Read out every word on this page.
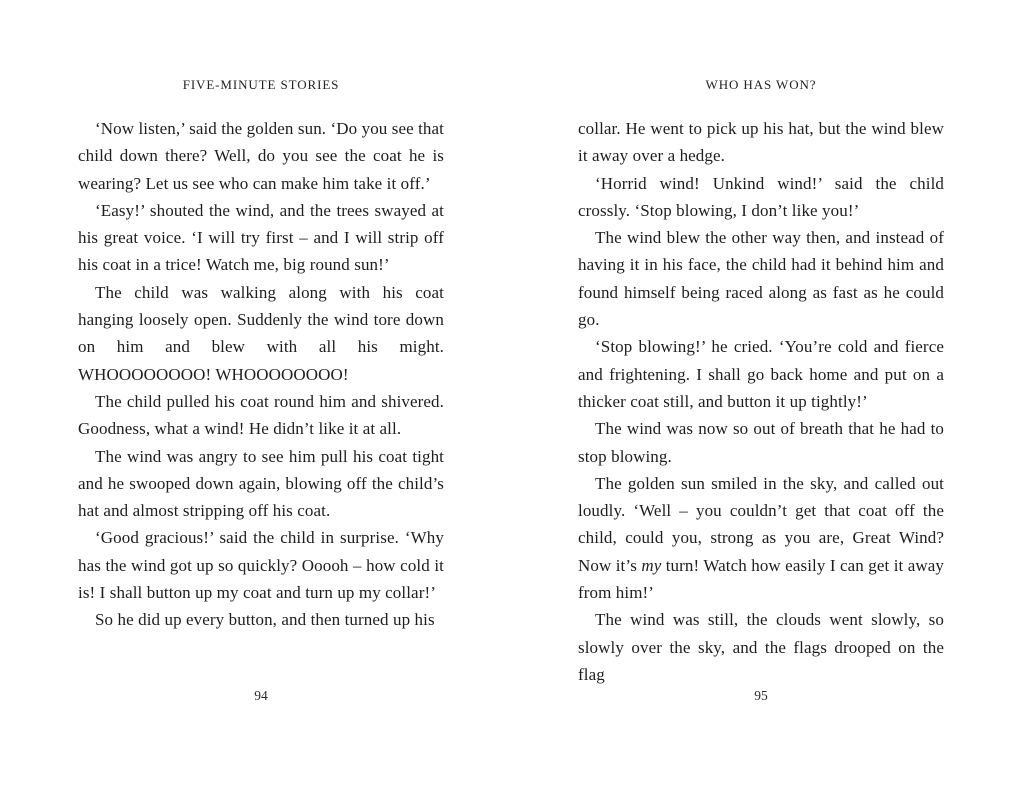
FIVE-MINUTE STORIES

‘Now listen,’ said the golden sun. ‘Do you see that child down there? Well, do you see the coat he is wearing? Let us see who can make him take it off.’

‘Easy!’ shouted the wind, and the trees swayed at his great voice. ‘I will try first – and I will strip off his coat in a trice! Watch me, big round sun!’

The child was walking along with his coat hanging loosely open. Suddenly the wind tore down on him and blew with all his might. WHOOOOOOOO! WHOOOOOOOO!

The child pulled his coat round him and shivered. Goodness, what a wind! He didn’t like it at all.

The wind was angry to see him pull his coat tight and he swooped down again, blowing off the child’s hat and almost stripping off his coat.

‘Good gracious!’ said the child in surprise. ‘Why has the wind got up so quickly? Ooooh – how cold it is! I shall button up my coat and turn up my collar!’

So he did up every button, and then turned up his

94
WHO HAS WON?

collar. He went to pick up his hat, but the wind blew it away over a hedge.

‘Horrid wind! Unkind wind!’ said the child crossly. ‘Stop blowing, I don’t like you!’

The wind blew the other way then, and instead of having it in his face, the child had it behind him and found himself being raced along as fast as he could go.

‘Stop blowing!’ he cried. ‘You’re cold and fierce and frightening. I shall go back home and put on a thicker coat still, and button it up tightly!’

The wind was now so out of breath that he had to stop blowing.

The golden sun smiled in the sky, and called out loudly. ‘Well – you couldn’t get that coat off the child, could you, strong as you are, Great Wind? Now it’s my turn! Watch how easily I can get it away from him!’

The wind was still, the clouds went slowly, so slowly over the sky, and the flags drooped on the flag

95
